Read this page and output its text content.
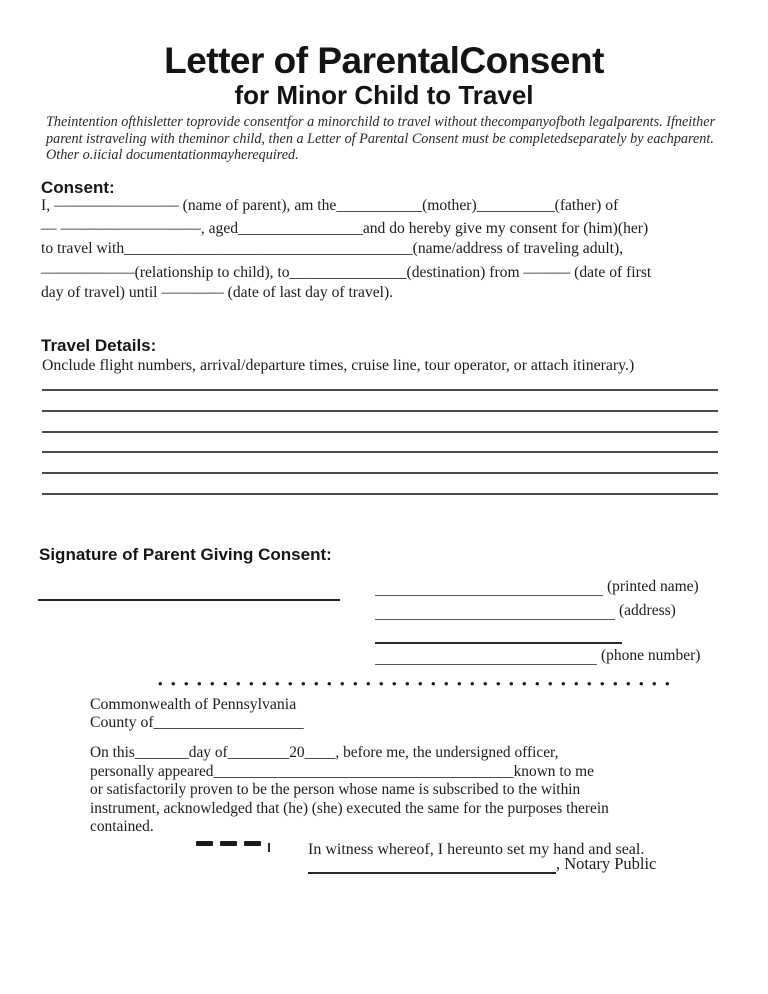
Letter of ParentalConsent
for Minor Child to Travel
Theintention ofthisletter toprovide consentfor a minorchild to travel without thecompanyofboth legalparents. Ifneither
parent istraveling with theminor child, then a Letter of Parental Consent must be completedseparately by eachparent.
Other o.iicial documentationmayherequired.
Consent:
I, ———————— (name of parent), am the___________(mother)__________(father) of
— —————————, aged________________and do hereby give my consent for (him)(her)
to travel with_____________________________________(name/address of traveling adult),
——————(relationship to child), to_______________(destination) from ——— (date of first
day of travel) until ———— (date of last day of travel).
Travel Details:
Onclude flight numbers, arrival/departure times, cruise line, tour operator, or attach itinerary.)
Signature of Parent Giving Consent:
(printed name)
(address)
(phone number)
• • • • • • • • • • • • • • • • • • • • • • • • • • • • • • • • • • • • • • • •
Commonwealth of Pennsylvania
County of___________________
On this_______day of________20____, before me, the undersigned officer,
personally appeared_______________________________________known to me
or satisfactorily proven to be the person whose name is subscribed to the within
instrument, acknowledged that (he) (she) executed the same for the purposes therein
contained.
In witness whereof, I hereunto set my hand and seal.
, Notary Public
